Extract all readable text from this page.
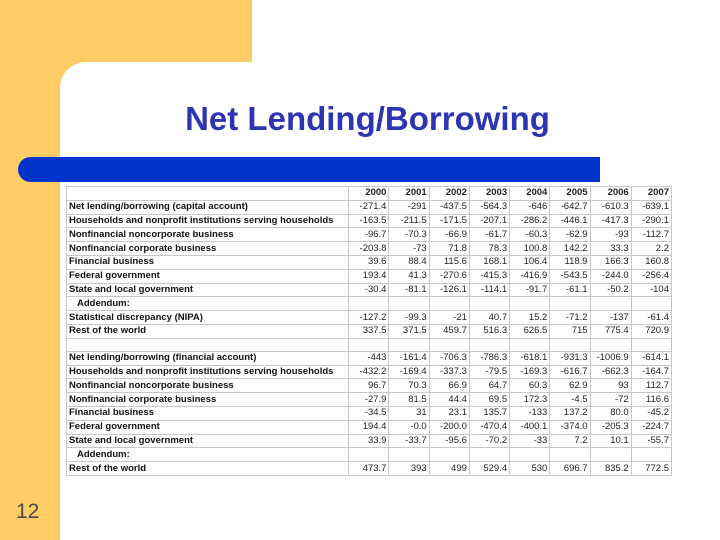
Net Lending/Borrowing
12
	2000	2001	2002	2003	2004	2005	2006	2007
Net lending/borrowing (capital account)	-271.4	-291	-437.5	-564.3	-646	-642.7	-610.3	-639.1
Households and nonprofit institutions serving households	-163.5	-211.5	-171.5	-207.1	-286.2	-446.1	-417.3	-290.1
Nonfinancial noncorporate business	-96.7	-70.3	-66.9	-61.7	-60.3	-62.9	-93	-112.7
Nonfinancial corporate business	-203.8	-73	71.8	78.3	100.8	142.2	33.3	2.2
Financial business	39.6	88.4	115.6	168.1	106.4	118.9	166.3	160.8
Federal government	193.4	41.3	-270.6	-415.3	-416.9	-543.5	-244.0	-256.4
State and local government	-30.4	-81.1	-126.1	-114.1	-91.7	-61.1	-50.2	-104
Addendum:								
Statistical discrepancy (NIPA)	-127.2	-99.3	-21	40.7	15.2	-71.2	-137	-61.4
Rest of the world	337.5	371.5	459.7	516.3	626.5	715	775.4	720.9

Net lending/borrowing (financial account)	-443	-161.4	-706.3	-786.3	-618.1	-931.3	-1006.9	-614.1
Households and nonprofit institutions serving households	-432.2	-169.4	-337.3	-79.5	-169.3	-616.7	-662.3	-164.7
Nonfinancial noncorporate business	96.7	70.3	66.9	64.7	60.3	62.9	93	112.7
Nonfinancial corporate business	-27.9	81.5	44.4	69.5	172.3	-4.5	-72	116.6
Financial business	-34.5	31	23.1	135.7	-133	137.2	80.0	-45.2
Federal government	194.4	-0.0	-200.0	-470.4	-400.1	-374.0	-205.3	-224.7
State and local government	33.9	-33.7	-95.6	-70.2	-33	7.2	10.1	-55.7
Addendum:								
Rest of the world	473.7	393	499	529.4	530	696.7	835.2	772.5
